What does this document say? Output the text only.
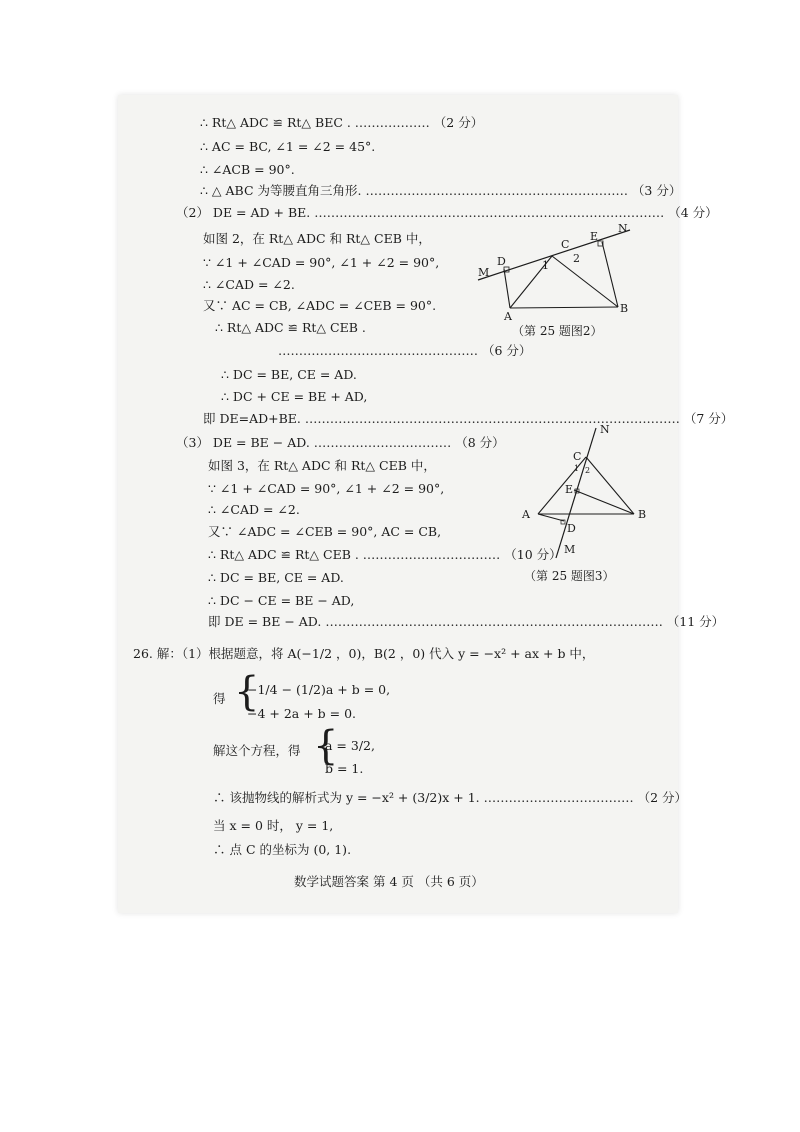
∴ Rt△ ADC ≌ Rt△ BEC . ……………… （2 分）
∴ AC = BC, ∠1 = ∠2 = 45°.
∴ ∠ACB = 90°.
∴ △ ABC 为等腰直角三角形. ……………………………………………………… （3 分）
（2） DE = AD + BE. ………………………………………………………………………… （4 分）
如图 2，在 Rt△ ADC 和 Rt△ CEB 中，
∵ ∠1 + ∠CAD = 90°, ∠1 + ∠2 = 90°,
∴ ∠CAD = ∠2.
又∵ AC = CB, ∠ADC = ∠CEB = 90°.
∴ Rt△ ADC ≌ Rt△ CEB .
………………………………………… （6 分）
∴ DC = BE, CE = AD.
∴ DC + CE = BE + AD,
即 DE=AD+BE. ……………………………………………………………………………… （7 分）
（3） DE = BE − AD. …………………………… （8 分）
如图 3，在 Rt△ ADC 和 Rt△ CEB 中，
∵ ∠1 + ∠CAD = 90°, ∠1 + ∠2 = 90°,
∴ ∠CAD = ∠2.
又∵ ∠ADC = ∠CEB = 90°, AC = CB,
∴ Rt△ ADC ≌ Rt△ CEB . …………………………… （10 分）
∴ DC = BE, CE = AD.
∴ DC − CE = BE − AD,
即 DE = BE − AD. ……………………………………………………………………… （11 分）
26. 解：（1）根据题意，将 A(−1/2 ，0)，B(2 ，0) 代入 y = −x² + ax + b 中，
得 {
−1/4 − (1/2)a + b = 0,
−4 + 2a + b = 0.
解这个方程，得 {
a = 3/2,
b = 1.
∴ 该抛物线的解析式为 y = −x² + (3/2)x + 1. ……………………………… （2 分）
当 x = 0 时， y = 1,
∴ 点 C 的坐标为 (0, 1).
数学试题答案 第 4 页 （共 6 页）
M
D
C
E
N
1
2
A
B
（第 25 题图2）
N
C
1 2
E
A	B
D
M
（第 25 题图3）
